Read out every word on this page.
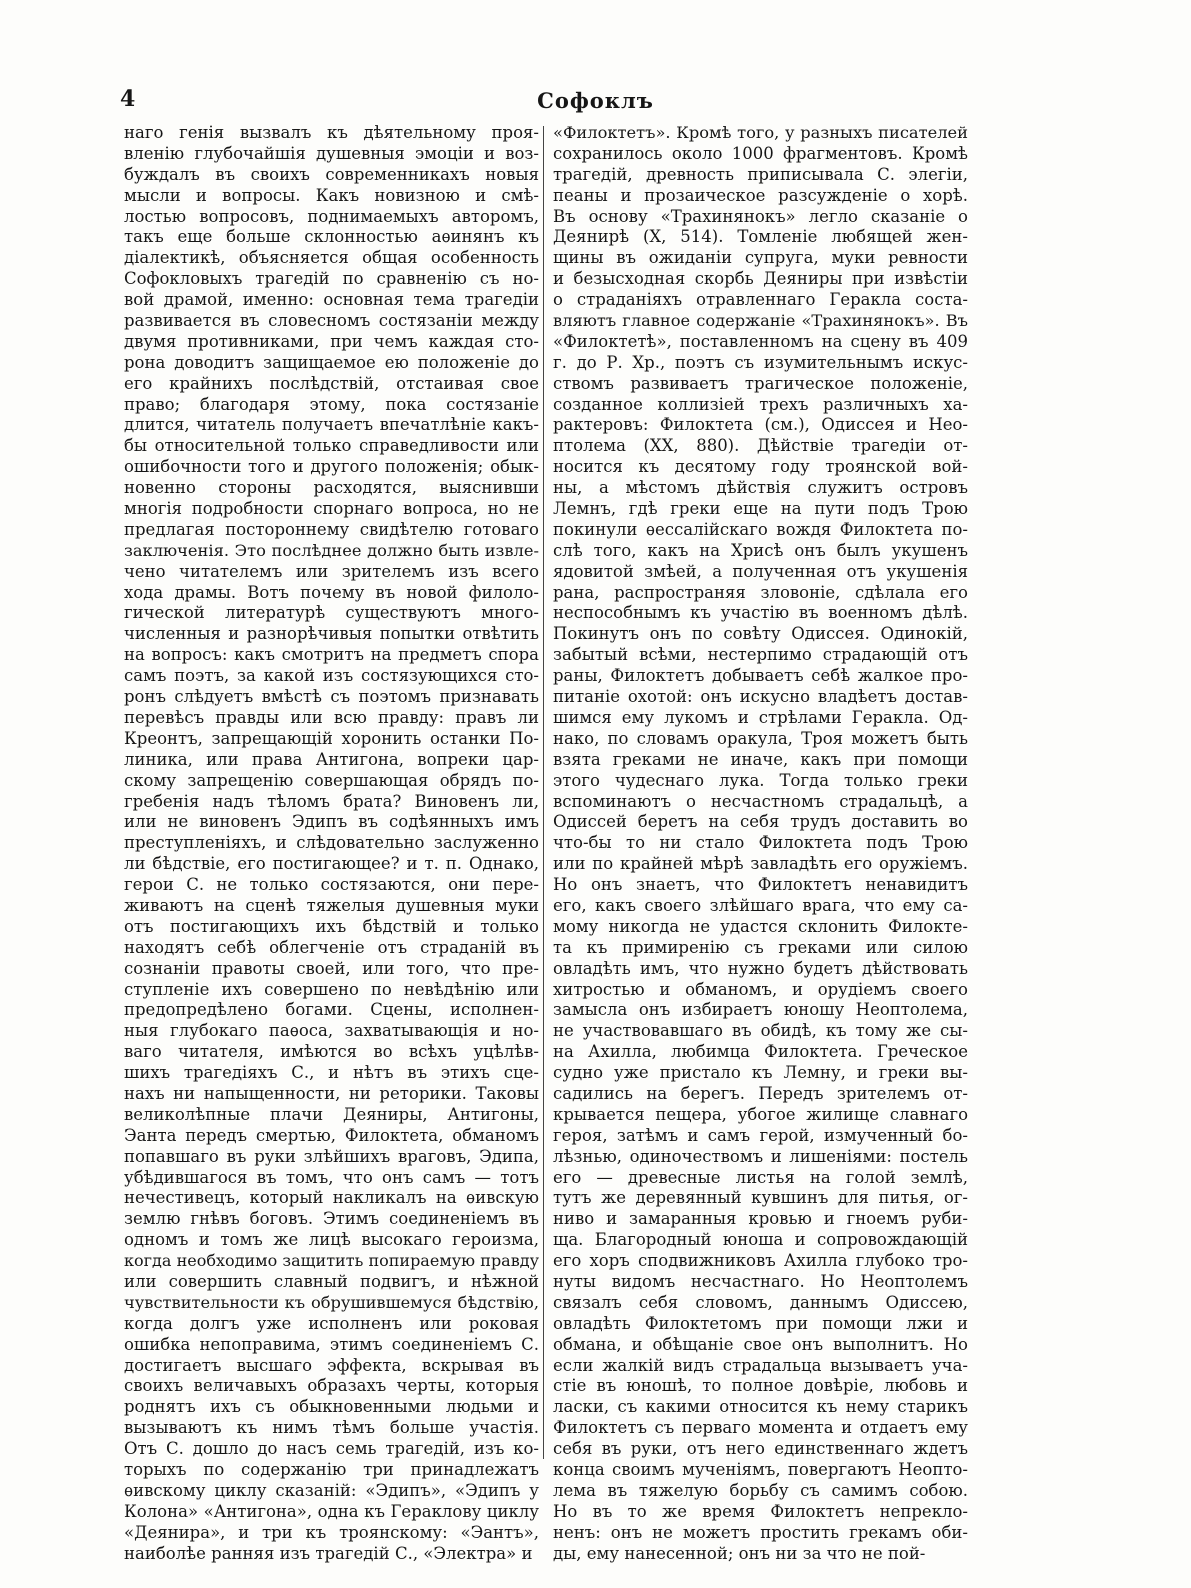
4	Софоклъ
наго генія вызвалъ къ дѣятельному проя-
вленію глубочайшія душевныя эмоціи и воз-
буждалъ въ своихъ современникахъ новыя
мысли и вопросы. Какъ новизною и смѣ-
лостью вопросовъ, поднимаемыхъ авторомъ,
такъ еще больше склонностью аѳинянъ къ
діалектикѣ, объясняется общая особенность
Софокловыхъ трагедій по сравненію съ но-
вой драмой, именно: основная тема трагедіи
развивается въ словесномъ состязаніи между
двумя противниками, при чемъ каждая сто-
рона доводитъ защищаемое ею положеніе до
его крайнихъ послѣдствій, отстаивая свое
право; благодаря этому, пока состязаніе
длится, читатель получаетъ впечатлѣніе какъ-
бы относительной только справедливости или
ошибочности того и другого положенія; обык-
новенно стороны расходятся, выяснивши
многія подробности спорнаго вопроса, но не
предлагая постороннему свидѣтелю готоваго
заключенія. Это послѣднее должно быть извле-
чено читателемъ или зрителемъ изъ всего
хода драмы. Вотъ почему въ новой филоло-
гической литературѣ существуютъ много-
численныя и разнорѣчивыя попытки отвѣтить
на вопросъ: какъ смотритъ на предметъ спора
самъ поэтъ, за какой изъ состязующихся сто-
ронъ слѣдуетъ вмѣстѣ съ поэтомъ признавать
перевѣсъ правды или всю правду: правъ ли
Креонтъ, запрещающій хоронить останки По-
линика, или права Антигона, вопреки цар-
скому запрещенію совершающая обрядъ по-
гребенія надъ тѣломъ брата? Виновенъ ли,
или не виновенъ Эдипъ въ содѣянныхъ имъ
преступленіяхъ, и слѣдовательно заслуженно
ли бѣдствіе, его постигающее? и т. п. Однако,
герои С. не только состязаются, они пере-
живаютъ на сценѣ тяжелыя душевныя муки
отъ постигающихъ ихъ бѣдствій и только
находятъ себѣ облегченіе отъ страданій въ
сознаніи правоты своей, или того, что пре-
ступленіе ихъ совершено по невѣдѣнію или
предопредѣлено богами. Сцены, исполнен-
ныя глубокаго паѳоса, захватывающія и но-
ваго читателя, имѣются во всѣхъ уцѣлѣв-
шихъ трагедіяхъ С., и нѣтъ въ этихъ сце-
нахъ ни напыщенности, ни реторики. Таковы
великолѣпные плачи Деяниры, Антигоны,
Эанта передъ смертью, Филоктета, обманомъ
попавшаго въ руки злѣйшихъ враговъ, Эдипа,
убѣдившагося въ томъ, что онъ самъ — тотъ
нечестивецъ, который накликалъ на ѳивскую
землю гнѣвъ боговъ. Этимъ соединеніемъ въ
одномъ и томъ же лицѣ высокаго героизма,
когда необходимо защитить попираемую правду
или совершить славный подвигъ, и нѣжной
чувствительности къ обрушившемуся бѣдствію,
когда долгъ уже исполненъ или роковая
ошибка непоправима, этимъ соединеніемъ С.
достигаетъ высшаго эффекта, вскрывая въ
своихъ величавыхъ образахъ черты, которыя
роднятъ ихъ съ обыкновенными людьми и
вызываютъ къ нимъ тѣмъ больше участія.
Отъ С. дошло до насъ семь трагедій, изъ ко-
торыхъ по содержанію три принадлежатъ
ѳивскому циклу сказаній: «Эдипъ», «Эдипъ у
Колона» «Антигона», одна къ Гераклову циклу
«Деянира», и три къ троянскому: «Эантъ»,
наиболѣе ранняя изъ трагедій С., «Электра» и
«Филоктетъ». Кромѣ того, у разныхъ писателей
сохранилось около 1000 фрагментовъ. Кромѣ
трагедій, древность приписывала С. элегіи,
пеаны и прозаическое разсужденіе о хорѣ.
Въ основу «Трахинянокъ» легло сказаніе о
Деянирѣ (X, 514). Томленіе любящей жен-
щины въ ожиданіи супруга, муки ревности
и безысходная скорбь Деяниры при извѣстіи
о страданіяхъ отравленнаго Геракла соста-
вляютъ главное содержаніе «Трахинянокъ». Въ
«Филоктетѣ», поставленномъ на сцену въ 409
г. до Р. Хр., поэтъ съ изумительнымъ искус-
ствомъ развиваетъ трагическое положеніе,
созданное коллизіей трехъ различныхъ ха-
рактеровъ: Филоктета (см.), Одиссея и Нео-
птолема (XX, 880). Дѣйствіе трагедіи от-
носится къ десятому году троянской вой-
ны, а мѣстомъ дѣйствія служитъ островъ
Лемнъ, гдѣ греки еще на пути подъ Трою
покинули ѳессалійскаго вождя Филоктета по-
слѣ того, какъ на Хрисѣ онъ былъ укушенъ
ядовитой змѣей, а полученная отъ укушенія
рана, распространяя зловоніе, сдѣлала его
неспособнымъ къ участію въ военномъ дѣлѣ.
Покинутъ онъ по совѣту Одиссея. Одинокій,
забытый всѣми, нестерпимо страдающій отъ
раны, Филоктетъ добываетъ себѣ жалкое про-
питаніе охотой: онъ искусно владѣетъ достав-
шимся ему лукомъ и стрѣлами Геракла. Од-
нако, по словамъ оракула, Троя можетъ быть
взята греками не иначе, какъ при помощи
этого чудеснаго лука. Тогда только греки
вспоминаютъ о несчастномъ страдальцѣ, а
Одиссей беретъ на себя трудъ доставить во
что-бы то ни стало Филоктета подъ Трою
или по крайней мѣрѣ завладѣть его оружіемъ.
Но онъ знаетъ, что Филоктетъ ненавидитъ
его, какъ своего злѣйшаго врага, что ему са-
мому никогда не удастся склонить Филоктe-
та къ примиренію съ греками или силою
овладѣть имъ, что нужно будетъ дѣйствовать
хитростью и обманомъ, и орудіемъ своего
замысла онъ избираетъ юношу Неоптолема,
не участвовавшаго въ обидѣ, къ тому же сы-
на Ахилла, любимца Филоктета. Греческое
судно уже пристало къ Лемну, и греки вы-
садились на берегъ. Передъ зрителемъ от-
крывается пещера, убогое жилище славнаго
героя, затѣмъ и самъ герой, измученный бо-
лѣзнью, одиночествомъ и лишеніями: постель
его — древесные листья на голой землѣ,
тутъ же деревянный кувшинъ для питья, ог-
ниво и замаранныя кровью и гноемъ руби-
ща. Благородный юноша и сопровождающій
его хоръ сподвижниковъ Ахилла глубоко тро-
нуты видомъ несчастнаго. Но Неоптолемъ
связалъ себя словомъ, даннымъ Одиссею,
овладѣть Филоктетомъ при помощи лжи и
обмана, и обѣщаніе свое онъ выполнитъ. Но
если жалкій видъ страдальца вызываетъ уча-
стіе въ юношѣ, то полное довѣріе, любовь и
ласки, съ какими относится къ нему старикъ
Филоктетъ съ перваго момента и отдаетъ ему
себя въ руки, отъ него единственнаго ждетъ
конца своимъ мученіямъ, повергаютъ Неопто-
лема въ тяжелую борьбу съ самимъ собою.
Но въ то же время Филоктетъ непрекло-
ненъ: онъ не можетъ простить грекамъ оби-
ды, ему нанесенной; онъ ни за что не пой-
